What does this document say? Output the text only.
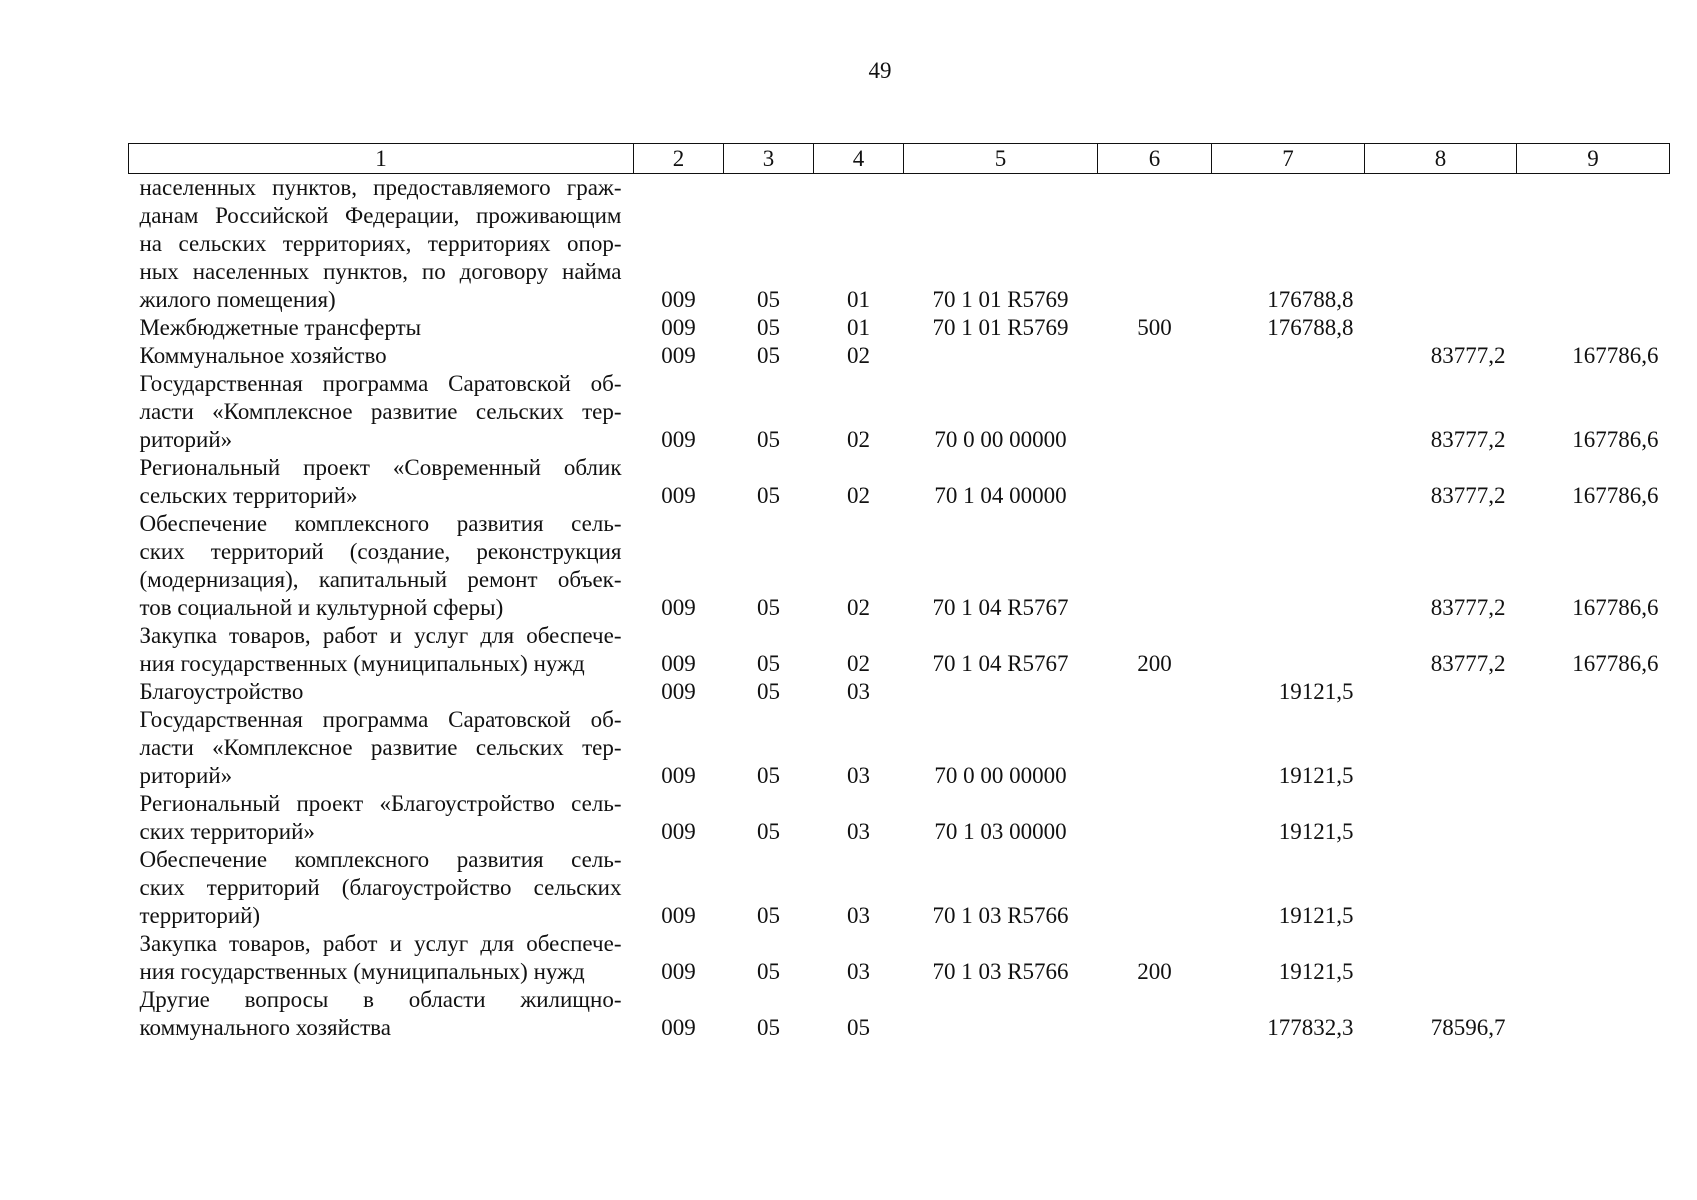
49
1	2	3	4	5	6	7	8	9

населенных пунктов, предоставляемого граж-
данам Российской Федерации, проживающим
на сельских территориях, территориях опор-
ных населенных пунктов, по договору найма
жилого помещения)	009	05	01	70 1 01 R5769		176788,8		

Межбюджетные трансферты	009	05	01	70 1 01 R5769	500	176788,8		

Коммунальное хозяйство	009	05	02				83777,2	167786,6

Государственная программа Саратовской об-
ласти «Комплексное развитие сельских тер-
риторий»	009	05	02	70 0 00 00000			83777,2	167786,6

Региональный проект «Современный облик
сельских территорий»	009	05	02	70 1 04 00000			83777,2	167786,6

Обеспечение комплексного развития сель-
ских территорий (создание, реконструкция
(модернизация), капитальный ремонт объек-
тов социальной и культурной сферы)	009	05	02	70 1 04 R5767			83777,2	167786,6

Закупка товаров, работ и услуг для обеспече-
ния государственных (муниципальных) нужд	009	05	02	70 1 04 R5767	200		83777,2	167786,6

Благоустройство	009	05	03			19121,5		

Государственная программа Саратовской об-
ласти «Комплексное развитие сельских тер-
риторий»	009	05	03	70 0 00 00000		19121,5		

Региональный проект «Благоустройство сель-
ских территорий»	009	05	03	70 1 03 00000		19121,5		

Обеспечение комплексного развития сель-
ских территорий (благоустройство сельских
территорий)	009	05	03	70 1 03 R5766		19121,5		

Закупка товаров, работ и услуг для обеспече-
ния государственных (муниципальных) нужд	009	05	03	70 1 03 R5766	200	19121,5		

Другие вопросы в области жилищно-
коммунального хозяйства	009	05	05			177832,3	78596,7	
